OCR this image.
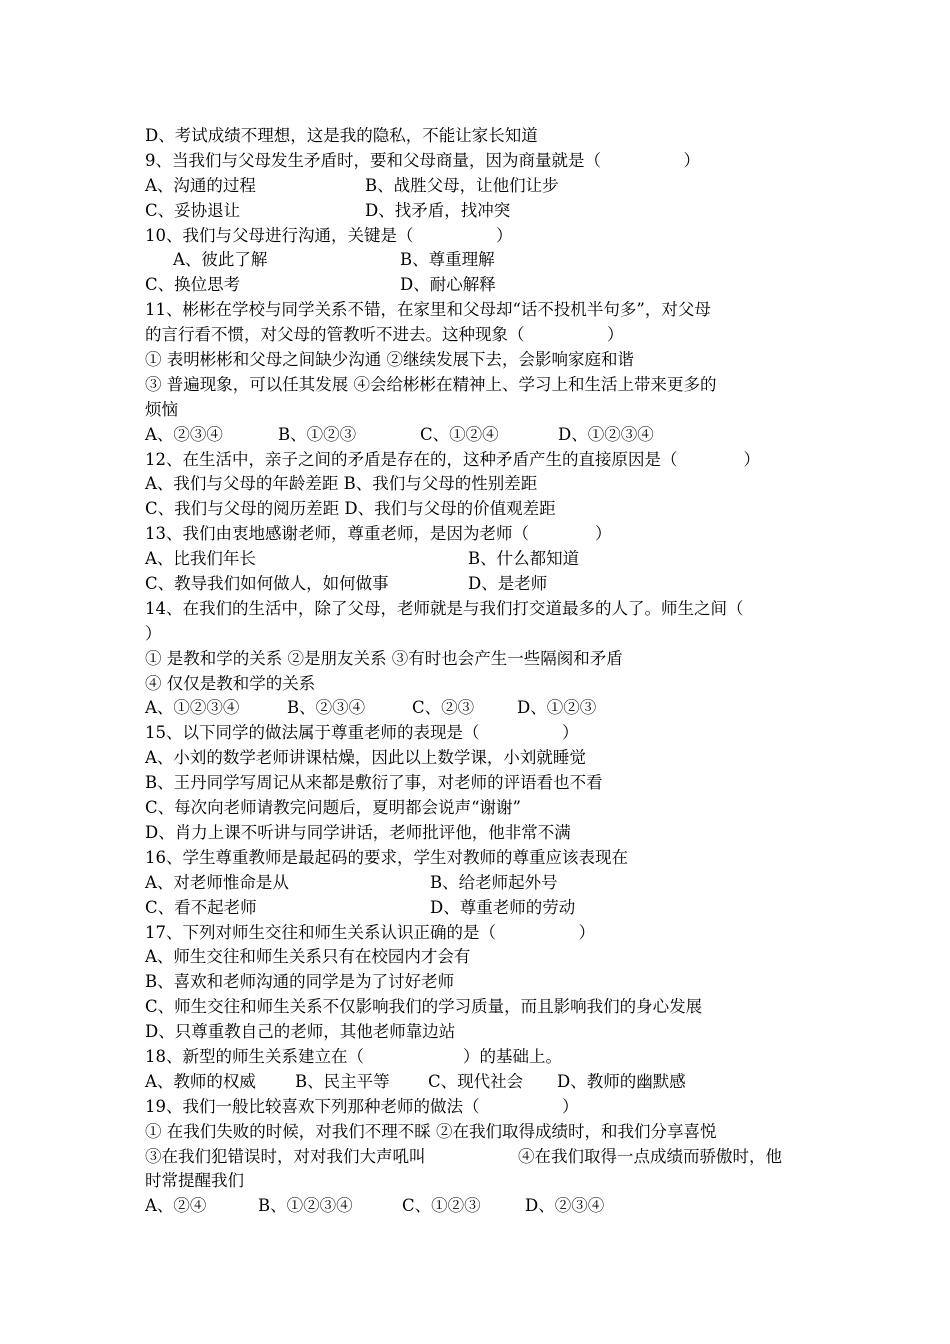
D、考试成绩不理想，这是我的隐私，不能让家长知道
9、当我们与父母发生矛盾时，要和父母商量，因为商量就是（　　　　　）
A、沟通的过程	B、战胜父母，让他们让步
C、妥协退让	D、找矛盾，找冲突
10、我们与父母进行沟通，关键是（　　　　　）
A、彼此了解	B、尊重理解
C、换位思考	D、耐心解释
11、彬彬在学校与同学关系不错，在家里和父母却“话不投机半句多”，对父母
的言行看不惯，对父母的管教听不进去。这种现象（　　　　　）
① 表明彬彬和父母之间缺少沟通 ②继续发展下去，会影响家庭和谐
③ 普遍现象，可以任其发展 ④会给彬彬在精神上、学习上和生活上带来更多的
烦恼
A、②③④	B、①②③	C、①②④	D、①②③④
12、在生活中，亲子之间的矛盾是存在的，这种矛盾产生的直接原因是（　　　　）
A、我们与父母的年龄差距 B、我们与父母的性别差距
C、我们与父母的阅历差距 D、我们与父母的价值观差距
13、我们由衷地感谢老师，尊重老师，是因为老师（　　　　）
A、比我们年长	B、什么都知道
C、教导我们如何做人，如何做事	D、是老师
14、在我们的生活中，除了父母，老师就是与我们打交道最多的人了。师生之间（
）
① 是教和学的关系 ②是朋友关系 ③有时也会产生一些隔阂和矛盾
④ 仅仅是教和学的关系
A、①②③④	B、②③④	C、②③	D、①②③
15、以下同学的做法属于尊重老师的表现是（　　　　　）
A、小刘的数学老师讲课枯燥，因此以上数学课，小刘就睡觉
B、王丹同学写周记从来都是敷衍了事，对老师的评语看也不看
C、每次向老师请教完问题后，夏明都会说声“谢谢”
D、肖力上课不听讲与同学讲话，老师批评他，他非常不满
16、学生尊重教师是最起码的要求，学生对教师的尊重应该表现在
A、对老师惟命是从	B、给老师起外号
C、看不起老师	D、尊重老师的劳动
17、下列对师生交往和师生关系认识正确的是（　　　　　）
A、师生交往和师生关系只有在校园内才会有
B、喜欢和老师沟通的同学是为了讨好老师
C、师生交往和师生关系不仅影响我们的学习质量，而且影响我们的身心发展
D、只尊重教自己的老师，其他老师靠边站
18、新型的师生关系建立在（　　　　　　）的基础上。
A、教师的权威 B、民主平等 C、现代社会 D、教师的幽默感
19、我们一般比较喜欢下列那种老师的做法（　　　　　）
① 在我们失败的时候，对我们不理不睬 ②在我们取得成绩时，和我们分享喜悦
③在我们犯错误时，对对我们大声吼叫	④在我们取得一点成绩而骄傲时，他
时常提醒我们
A、②④	B、①②③④	C、①②③	D、②③④
